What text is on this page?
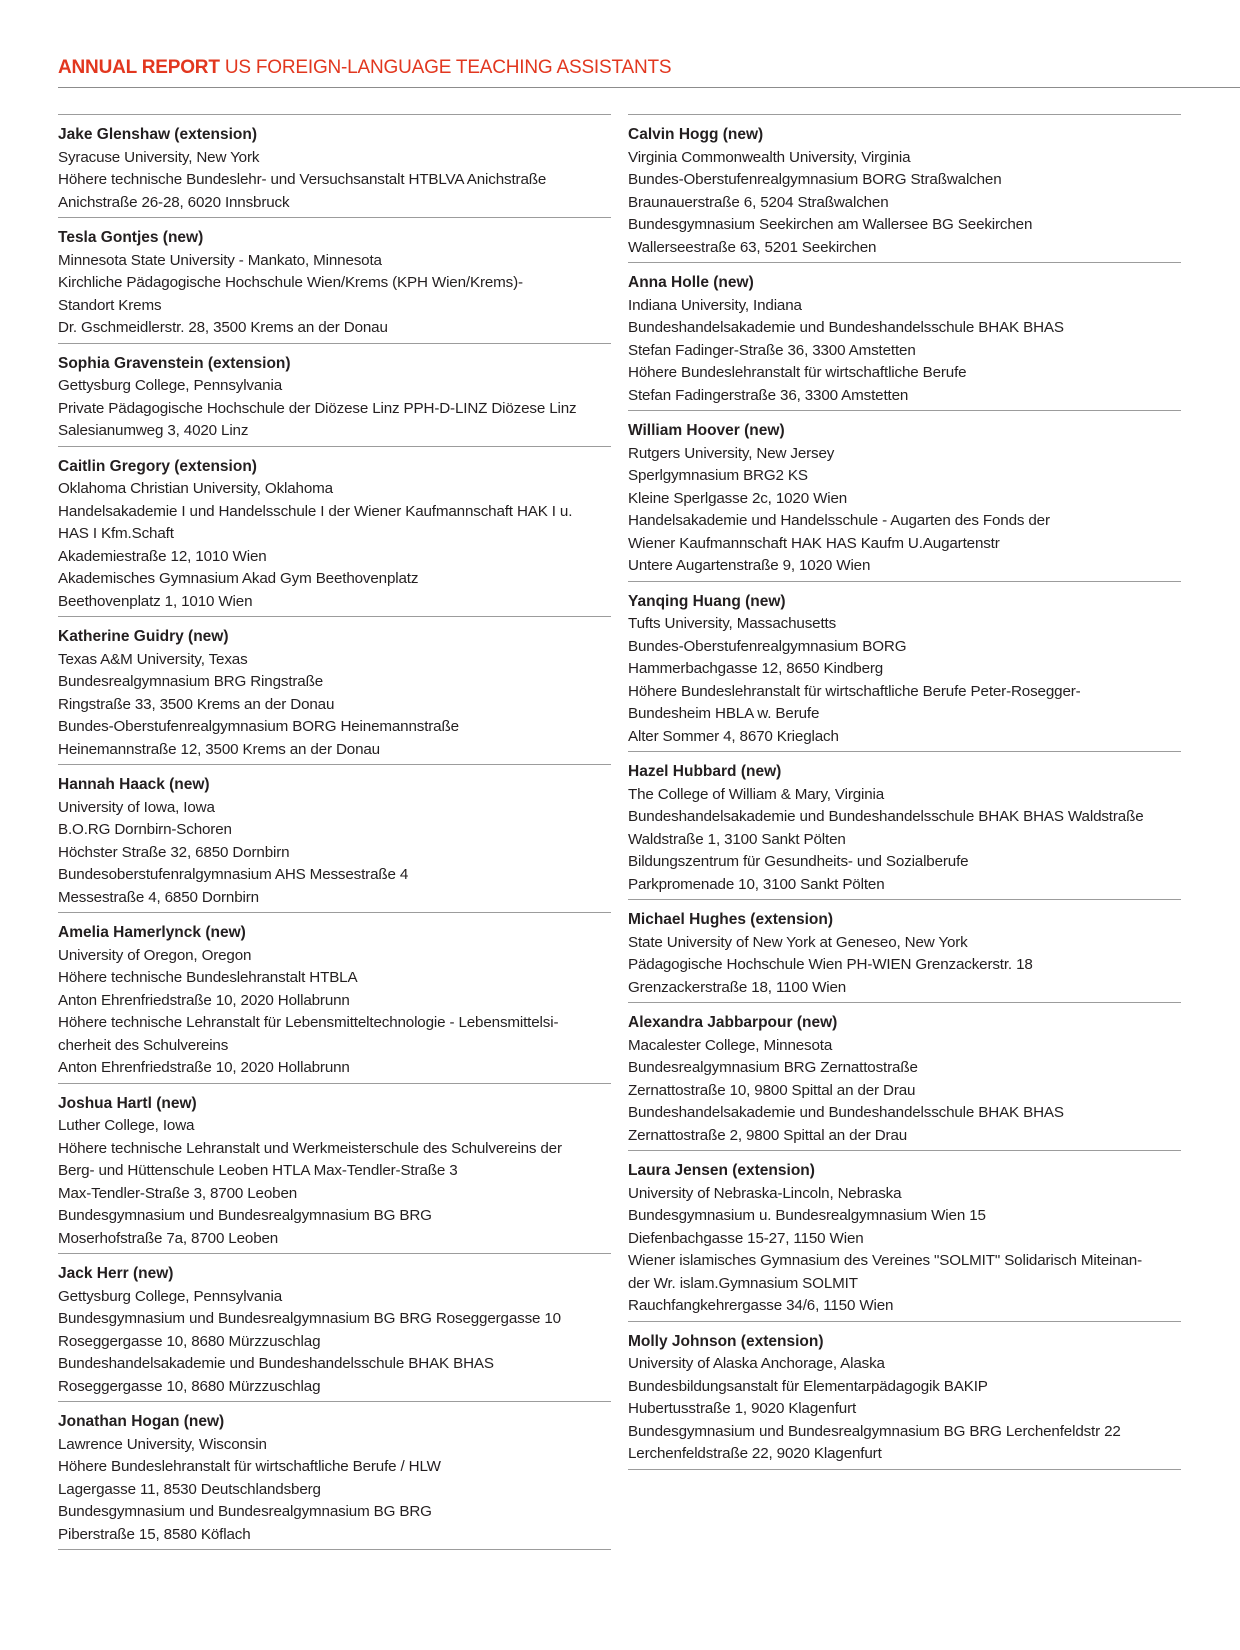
ANNUAL REPORT US FOREIGN-LANGUAGE TEACHING ASSISTANTS
Jake Glenshaw (extension)
Syracuse University, New York
Höhere technische Bundeslehr- und Versuchsanstalt HTBLVA Anichstraße
Anichstraße 26-28, 6020 Innsbruck
Tesla Gontjes (new)
Minnesota State University - Mankato, Minnesota
Kirchliche Pädagogische Hochschule Wien/Krems (KPH Wien/Krems)-
Standort Krems
Dr. Gschmeidlerstr. 28, 3500 Krems an der Donau
Sophia Gravenstein (extension)
Gettysburg College, Pennsylvania
Private Pädagogische Hochschule der Diözese Linz PPH-D-LINZ Diözese Linz
Salesianumweg 3, 4020 Linz
Caitlin Gregory (extension)
Oklahoma Christian University, Oklahoma
Handelsakademie I und Handelsschule I der Wiener Kaufmannschaft HAK I u.
HAS I Kfm.Schaft
Akademiestraße 12, 1010 Wien
Akademisches Gymnasium Akad Gym Beethovenplatz
Beethovenplatz 1, 1010 Wien
Katherine Guidry (new)
Texas A&M University, Texas
Bundesrealgymnasium BRG Ringstraße
Ringstraße 33, 3500 Krems an der Donau
Bundes-Oberstufenrealgymnasium BORG Heinemannstraße
Heinemannstraße 12, 3500 Krems an der Donau
Hannah Haack (new)
University of Iowa, Iowa
B.O.RG Dornbirn-Schoren
Höchster Straße 32, 6850 Dornbirn
Bundesoberstufenralgymnasium AHS Messestraße 4
Messestraße 4, 6850 Dornbirn
Amelia Hamerlynck (new)
University of Oregon, Oregon
Höhere technische Bundeslehranstalt HTBLA
Anton Ehrenfriedstraße 10, 2020 Hollabrunn
Höhere technische Lehranstalt für Lebensmitteltechnologie - Lebensmittelsi-
cherheit des Schulvereins
Anton Ehrenfriedstraße 10, 2020 Hollabrunn
Joshua Hartl (new)
Luther College, Iowa
Höhere technische Lehranstalt und Werkmeisterschule des Schulvereins der
Berg- und Hüttenschule Leoben HTLA Max-Tendler-Straße 3
Max-Tendler-Straße 3, 8700 Leoben
Bundesgymnasium und Bundesrealgymnasium BG BRG
Moserhofstraße 7a, 8700 Leoben
Jack Herr (new)
Gettysburg College, Pennsylvania
Bundesgymnasium und Bundesrealgymnasium BG BRG Roseggergasse 10
Roseggergasse 10, 8680 Mürzzuschlag
Bundeshandelsakademie und Bundeshandelsschule BHAK BHAS
Roseggergasse 10, 8680 Mürzzuschlag
Jonathan Hogan (new)
Lawrence University, Wisconsin
Höhere Bundeslehranstalt für wirtschaftliche Berufe / HLW
Lagergasse 11, 8530 Deutschlandsberg
Bundesgymnasium und Bundesrealgymnasium BG BRG
Piberstraße 15, 8580 Köflach
Calvin Hogg (new)
Virginia Commonwealth University, Virginia
Bundes-Oberstufenrealgymnasium BORG Straßwalchen
Braunauerstraße 6, 5204 Straßwalchen
Bundesgymnasium Seekirchen am Wallersee BG Seekirchen
Wallerseestraße 63, 5201 Seekirchen
Anna Holle (new)
Indiana University, Indiana
Bundeshandelsakademie und Bundeshandelsschule BHAK BHAS
Stefan Fadinger-Straße 36, 3300 Amstetten
Höhere Bundeslehranstalt für wirtschaftliche Berufe
Stefan Fadingerstraße 36, 3300 Amstetten
William Hoover (new)
Rutgers University, New Jersey
Sperlgymnasium BRG2 KS
Kleine Sperlgasse 2c, 1020 Wien
Handelsakademie und Handelsschule - Augarten des Fonds der
Wiener Kaufmannschaft HAK HAS Kaufm U.Augartenstr
Untere Augartenstraße 9, 1020 Wien
Yanqing Huang (new)
Tufts University, Massachusetts
Bundes-Oberstufenrealgymnasium BORG
Hammerbachgasse 12, 8650 Kindberg
Höhere Bundeslehranstalt für wirtschaftliche Berufe Peter-Rosegger-
Bundesheim HBLA w. Berufe
Alter Sommer 4, 8670 Krieglach
Hazel Hubbard (new)
The College of William & Mary, Virginia
Bundeshandelsakademie und Bundeshandelsschule BHAK BHAS Waldstraße
Waldstraße 1, 3100 Sankt Pölten
Bildungszentrum für Gesundheits- und Sozialberufe
Parkpromenade 10, 3100 Sankt Pölten
Michael Hughes (extension)
State University of New York at Geneseo, New York
Pädagogische Hochschule Wien PH-WIEN Grenzackerstr. 18
Grenzackerstraße 18, 1100 Wien
Alexandra Jabbarpour (new)
Macalester College, Minnesota
Bundesrealgymnasium BRG Zernattostraße
Zernattostraße 10, 9800 Spittal an der Drau
Bundeshandelsakademie und Bundeshandelsschule BHAK BHAS
Zernattostraße 2, 9800 Spittal an der Drau
Laura Jensen (extension)
University of Nebraska-Lincoln, Nebraska
Bundesgymnasium u. Bundesrealgymnasium Wien 15
Diefenbachgasse 15-27, 1150 Wien
Wiener islamisches Gymnasium des Vereines "SOLMIT" Solidarisch Miteinan-
der Wr. islam.Gymnasium SOLMIT
Rauchfangkehrergasse 34/6, 1150 Wien
Molly Johnson (extension)
University of Alaska Anchorage, Alaska
Bundesbildungsanstalt für Elementarpädagogik BAKIP
Hubertusstraße 1, 9020 Klagenfurt
Bundesgymnasium und Bundesrealgymnasium BG BRG Lerchenfeldstr 22
Lerchenfeldstraße 22, 9020 Klagenfurt
